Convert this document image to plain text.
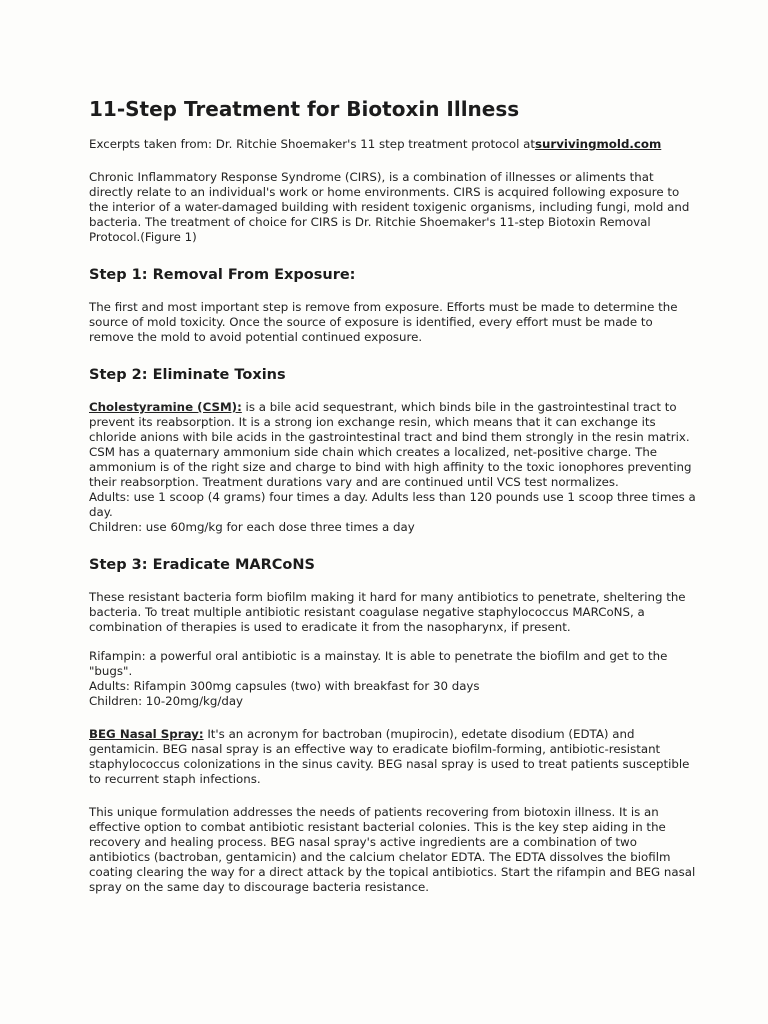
11-Step Treatment for Biotoxin Illness

Excerpts taken from: Dr. Ritchie Shoemaker's 11 step treatment protocol atsurvivingmold.com

Chronic Inflammatory Response Syndrome (CIRS), is a combination of illnesses or aliments that directly relate to an individual's work or home environments. CIRS is acquired following exposure to the interior of a water-damaged building with resident toxigenic organisms, including fungi, mold and bacteria. The treatment of choice for CIRS is Dr. Ritchie Shoemaker's 11-step Biotoxin Removal Protocol.(Figure 1)

Step 1: Removal From Exposure:

The first and most important step is remove from exposure. Efforts must be made to determine the source of mold toxicity. Once the source of exposure is identified, every effort must be made to remove the mold to avoid potential continued exposure.

Step 2: Eliminate Toxins

Cholestyramine (CSM): is a bile acid sequestrant, which binds bile in the gastrointestinal tract to prevent its reabsorption. It is a strong ion exchange resin, which means that it can exchange its chloride anions with bile acids in the gastrointestinal tract and bind them strongly in the resin matrix. CSM has a quaternary ammonium side chain which creates a localized, net-positive charge. The ammonium is of the right size and charge to bind with high affinity to the toxic ionophores preventing their reabsorption. Treatment durations vary and are continued until VCS test normalizes.

Adults: use 1 scoop (4 grams) four times a day. Adults less than 120 pounds use 1 scoop three times a day.

Children: use 60mg/kg for each dose three times a day

Step 3: Eradicate MARCoNS

These resistant bacteria form biofilm making it hard for many antibiotics to penetrate, sheltering the bacteria. To treat multiple antibiotic resistant coagulase negative staphylococcus MARCoNS, a combination of therapies is used to eradicate it from the nasopharynx, if present.

Rifampin: a powerful oral antibiotic is a mainstay. It is able to penetrate the biofilm and get to the "bugs".

Adults: Rifampin 300mg capsules (two) with breakfast for 30 days

Children: 10-20mg/kg/day

BEG Nasal Spray: It's an acronym for bactroban (mupirocin), edetate disodium (EDTA) and gentamicin. BEG nasal spray is an effective way to eradicate biofilm-forming, antibiotic-resistant staphylococcus colonizations in the sinus cavity. BEG nasal spray is used to treat patients susceptible to recurrent staph infections.

This unique formulation addresses the needs of patients recovering from biotoxin illness. It is an effective option to combat antibiotic resistant bacterial colonies. This is the key step aiding in the recovery and healing process. BEG nasal spray's active ingredients are a combination of two antibiotics (bactroban, gentamicin) and the calcium chelator EDTA. The EDTA dissolves the biofilm coating clearing the way for a direct attack by the topical antibiotics. Start the rifampin and BEG nasal spray on the same day to discourage bacteria resistance.
